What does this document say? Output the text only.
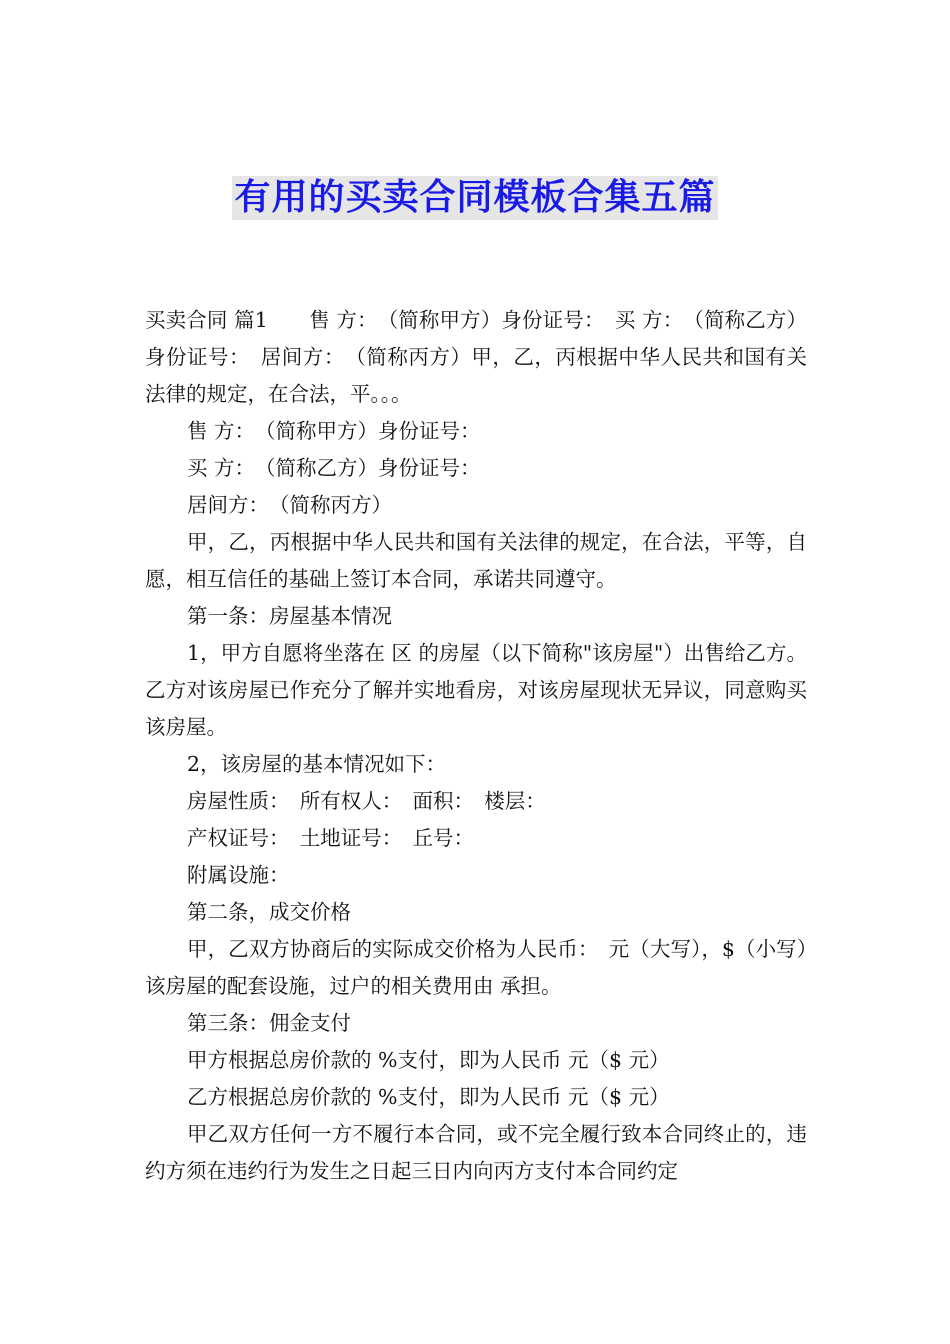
有用的买卖合同模板合集五篇

买卖合同 篇1　　售 方：　（简称甲方）身份证号：　买 方：　（简称乙方）身份证号：　居间方：　（简称丙方）甲，乙，丙根据中华人民共和国有关法律的规定，在合法，平。。。

售 方：　（简称甲方）身份证号：

买 方：　（简称乙方）身份证号：

居间方：　（简称丙方）

甲，乙，丙根据中华人民共和国有关法律的规定，在合法，平等，自愿，相互信任的基础上签订本合同，承诺共同遵守。

第一条：房屋基本情况

1，甲方自愿将坐落在 区 的房屋（以下简称"该房屋"）出售给乙方。乙方对该房屋已作充分了解并实地看房，对该房屋现状无异议，同意购买该房屋。

2，该房屋的基本情况如下：

房屋性质：　所有权人：　面积：　楼层：

产权证号：　土地证号：　丘号：

附属设施：

第二条，成交价格

甲，乙双方协商后的实际成交价格为人民币：　元（大写），$（小写）该房屋的配套设施，过户的相关费用由 承担。

第三条：佣金支付

甲方根据总房价款的 %支付，即为人民币 元（$ 元）

乙方根据总房价款的 %支付，即为人民币 元（$ 元）

甲乙双方任何一方不履行本合同，或不完全履行致本合同终止的，违约方须在违约行为发生之日起三日内向丙方支付本合同约定
